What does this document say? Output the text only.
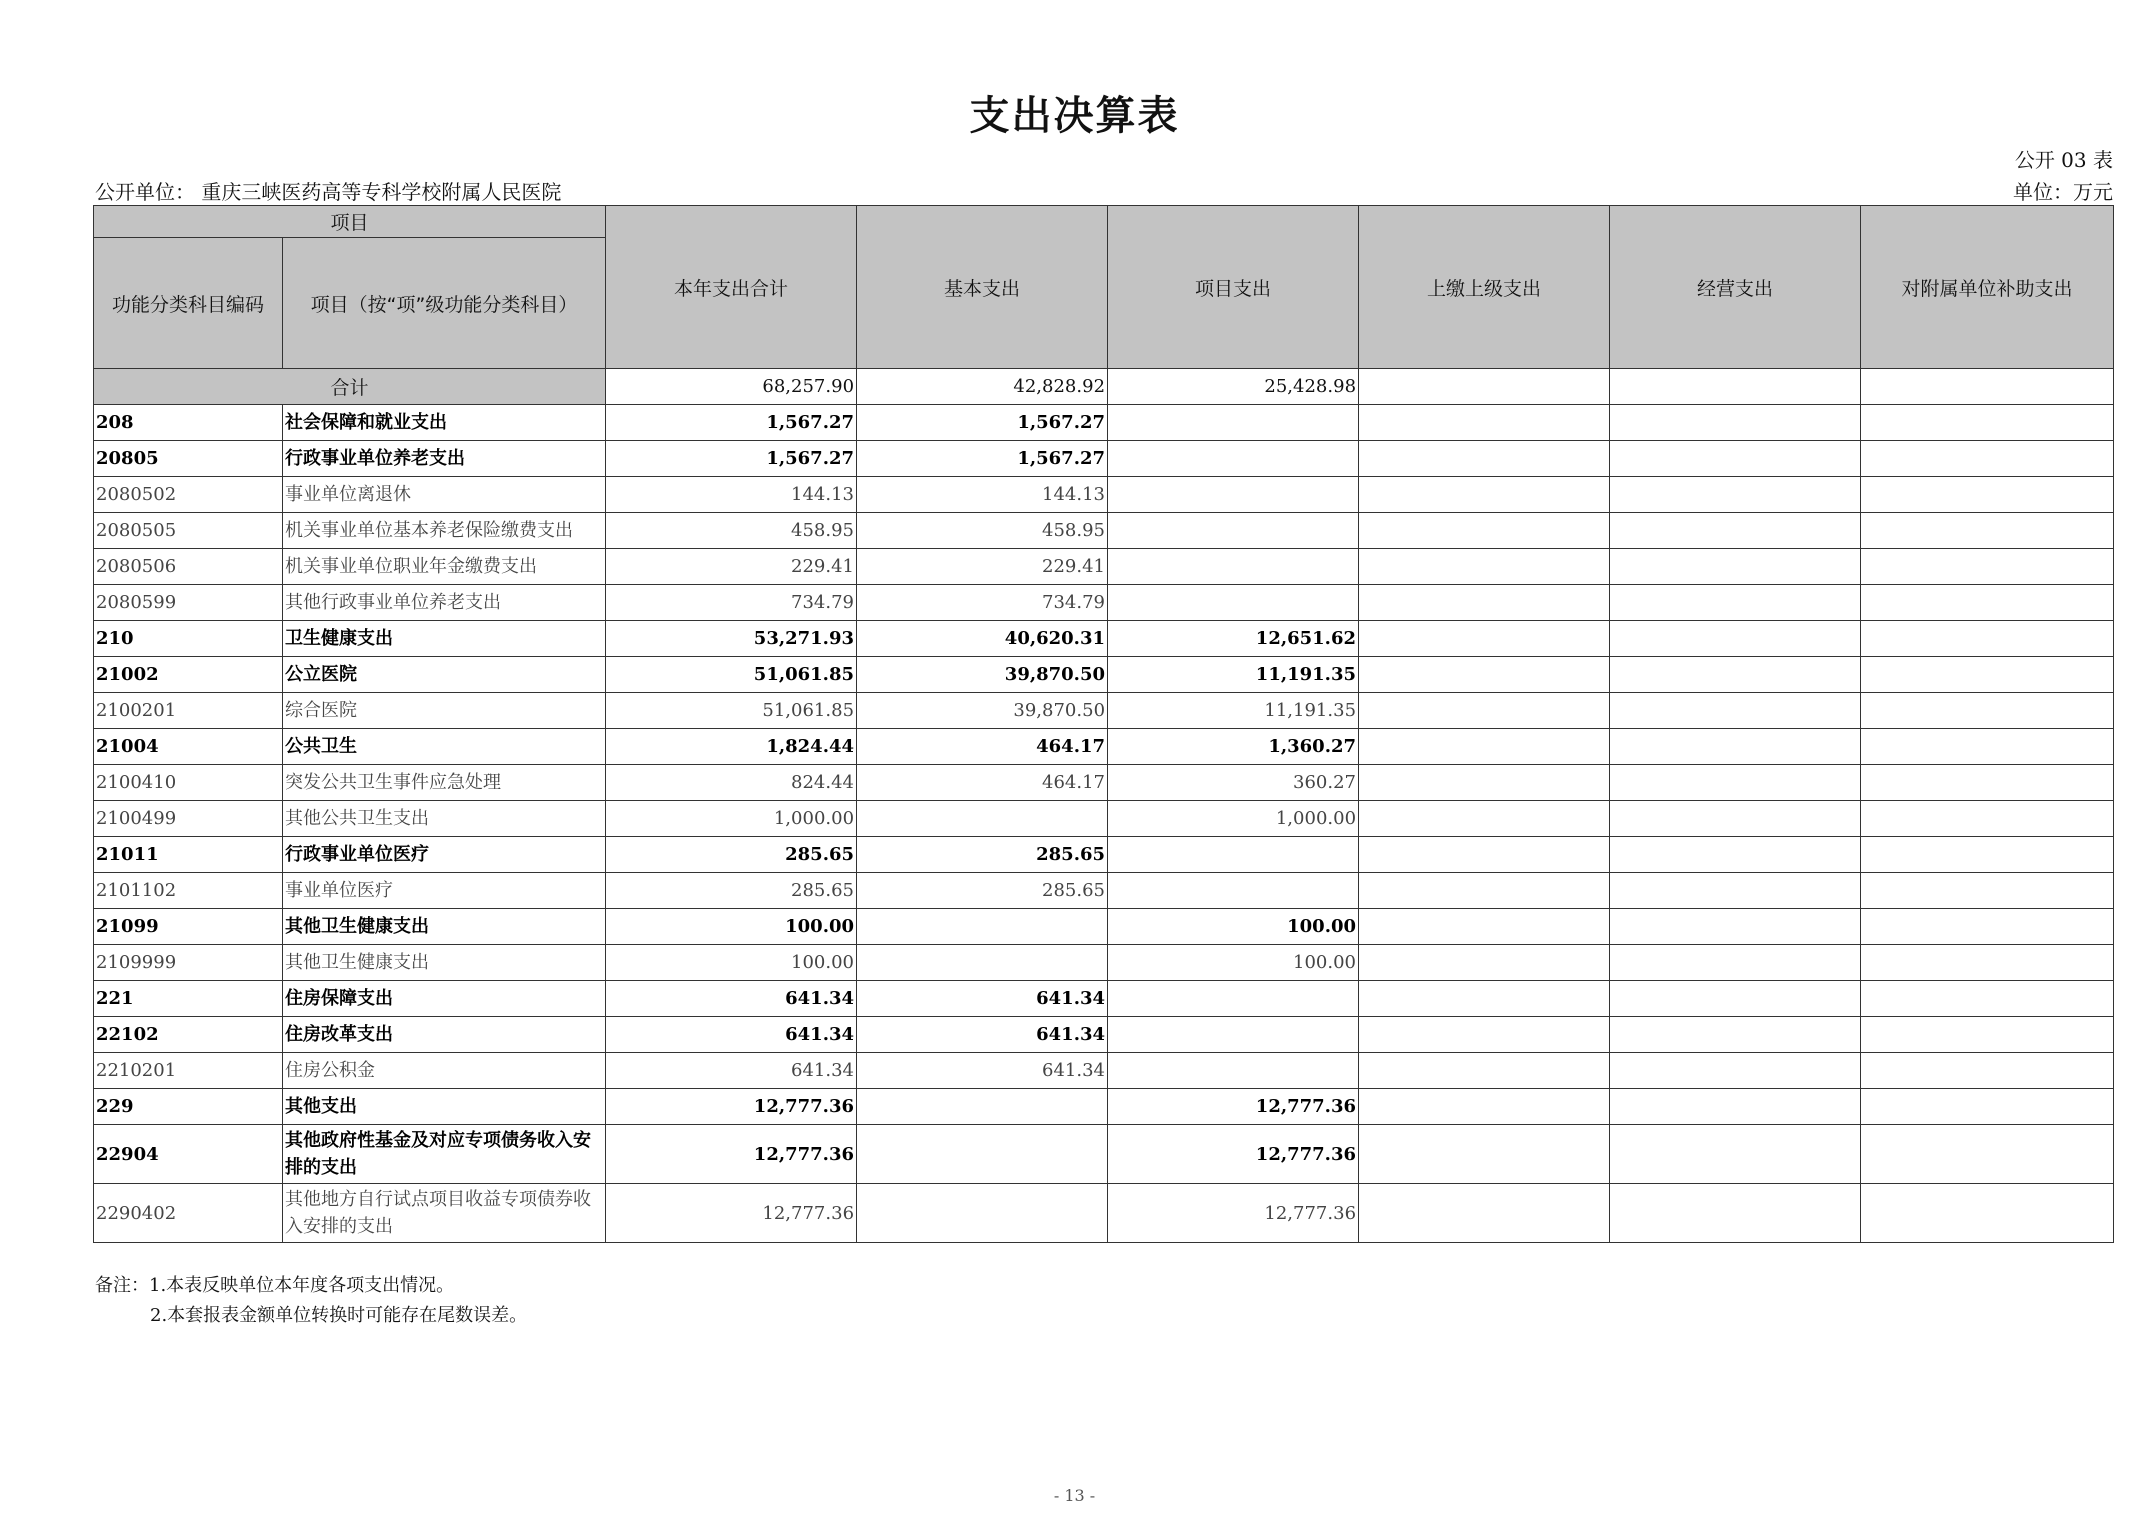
支出决算表
公开 03 表
公开单位： 重庆三峡医药高等专科学校附属人民医院	单位：万元
项目		本年支出合计	基本支出	项目支出	上缴上级支出	经营支出	对附属单位补助支出
功能分类科目编码	项目（按“项”级功能分类科目）						
合计		68,257.90	42,828.92	25,428.98			
208	社会保障和就业支出	1,567.27	1,567.27				
20805	行政事业单位养老支出	1,567.27	1,567.27				
2080502	事业单位离退休	144.13	144.13				
2080505	机关事业单位基本养老保险缴费支出	458.95	458.95				
2080506	机关事业单位职业年金缴费支出	229.41	229.41				
2080599	其他行政事业单位养老支出	734.79	734.79				
210	卫生健康支出	53,271.93	40,620.31	12,651.62			
21002	公立医院	51,061.85	39,870.50	11,191.35			
2100201	综合医院	51,061.85	39,870.50	11,191.35			
21004	公共卫生	1,824.44	464.17	1,360.27			
2100410	突发公共卫生事件应急处理	824.44	464.17	360.27			
2100499	其他公共卫生支出	1,000.00		1,000.00			
21011	行政事业单位医疗	285.65	285.65				
2101102	事业单位医疗	285.65	285.65				
21099	其他卫生健康支出	100.00		100.00			
2109999	其他卫生健康支出	100.00		100.00			
221	住房保障支出	641.34	641.34				
22102	住房改革支出	641.34	641.34				
2210201	住房公积金	641.34	641.34				
229	其他支出	12,777.36		12,777.36			
22904	其他政府性基金及对应专项债务收入安排的支出	12,777.36		12,777.36			
2290402	其他地方自行试点项目收益专项债券收入安排的支出	12,777.36		12,777.36			
备注：1.本表反映单位本年度各项支出情况。
2.本套报表金额单位转换时可能存在尾数误差。
- 13 -
